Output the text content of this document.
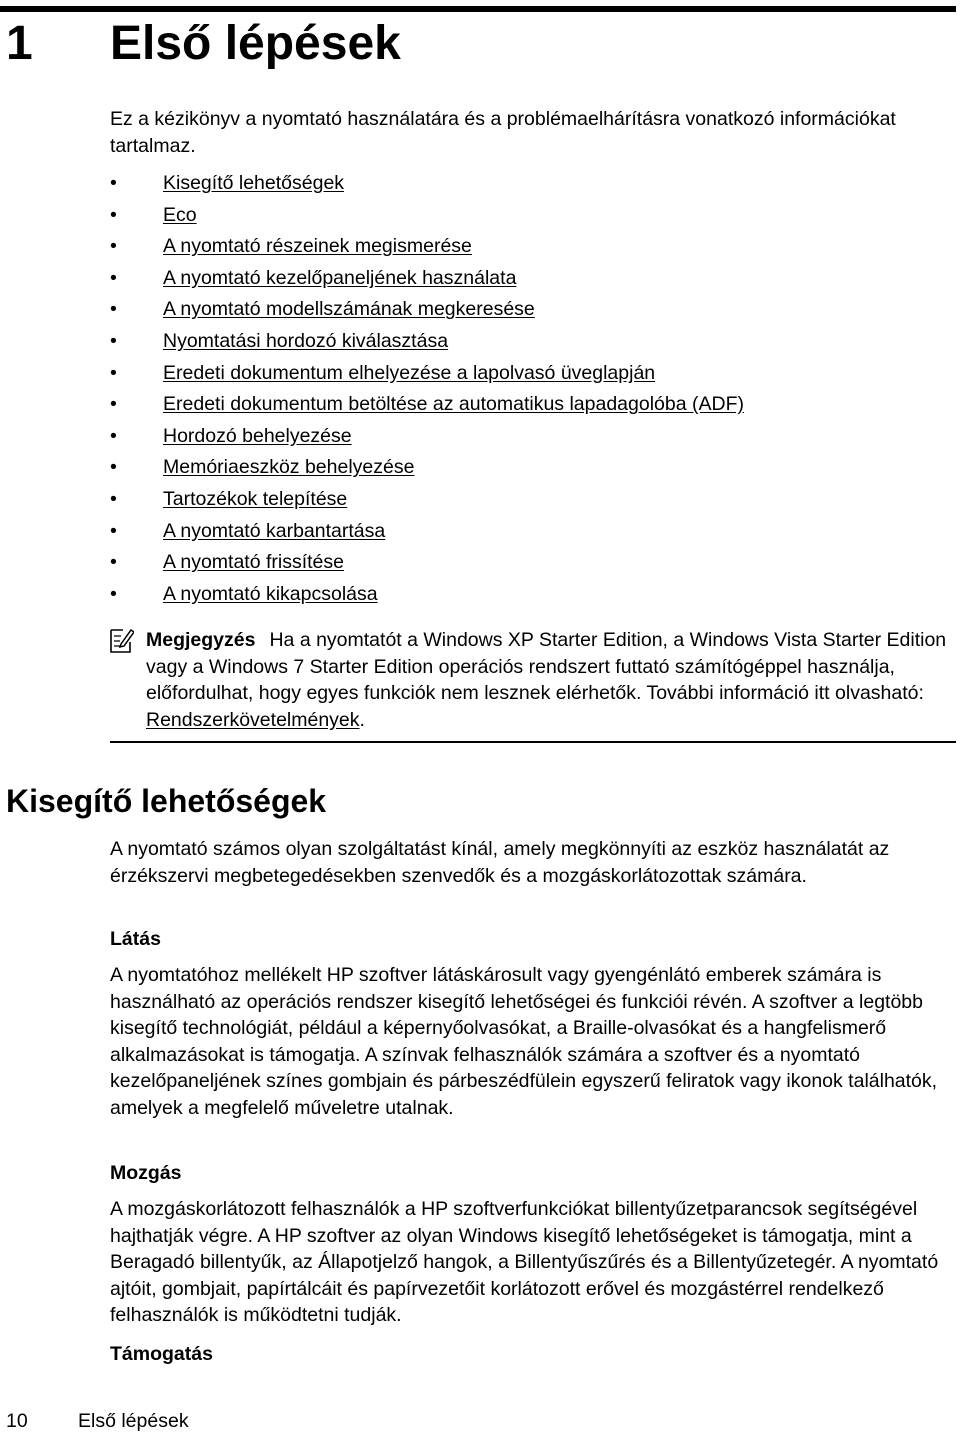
1 Első lépések

Ez a kézikönyv a nyomtató használatára és a problémaelhárításra vonatkozó információkat tartalmaz.

• Kisegítő lehetőségek
• Eco
• A nyomtató részeinek megismerése
• A nyomtató kezelőpaneljének használata
• A nyomtató modellszámának megkeresése
• Nyomtatási hordozó kiválasztása
• Eredeti dokumentum elhelyezése a lapolvasó üveglapján
• Eredeti dokumentum betöltése az automatikus lapadagolóba (ADF)
• Hordozó behelyezése
• Memóriaeszköz behelyezése
• Tartozékok telepítése
• A nyomtató karbantartása
• A nyomtató frissítése
• A nyomtató kikapcsolása

Megjegyzés Ha a nyomtatót a Windows XP Starter Edition, a Windows Vista Starter Edition vagy a Windows 7 Starter Edition operációs rendszert futtató számítógéppel használja, előfordulhat, hogy egyes funkciók nem lesznek elérhetők. További információ itt olvasható: Rendszerkövetelmények.

Kisegítő lehetőségek

A nyomtató számos olyan szolgáltatást kínál, amely megkönnyíti az eszköz használatát az érzékszervi megbetegedésekben szenvedők és a mozgáskorlátozottak számára.

Látás

A nyomtatóhoz mellékelt HP szoftver látáskárosult vagy gyengénlátó emberek számára is használható az operációs rendszer kisegítő lehetőségei és funkciói révén. A szoftver a legtöbb kisegítő technológiát, például a képernyőolvasókat, a Braille-olvasókat és a hangfelismerő alkalmazásokat is támogatja. A színvak felhasználók számára a szoftver és a nyomtató kezelőpaneljének színes gombjain és párbeszédfülein egyszerű feliratok vagy ikonok találhatók, amelyek a megfelelő műveletre utalnak.

Mozgás

A mozgáskorlátozott felhasználók a HP szoftverfunkciókat billentyűzetparancsok segítségével hajthatják végre. A HP szoftver az olyan Windows kisegítő lehetőségeket is támogatja, mint a Beragadó billentyűk, az Állapotjelző hangok, a Billentyűszűrés és a Billentyűzetegér. A nyomtató ajtóit, gombjait, papírtálcáit és papírvezetőit korlátozott erővel és mozgástérrel rendelkező felhasználók is működtetni tudják.

Támogatás
10	Első lépések
